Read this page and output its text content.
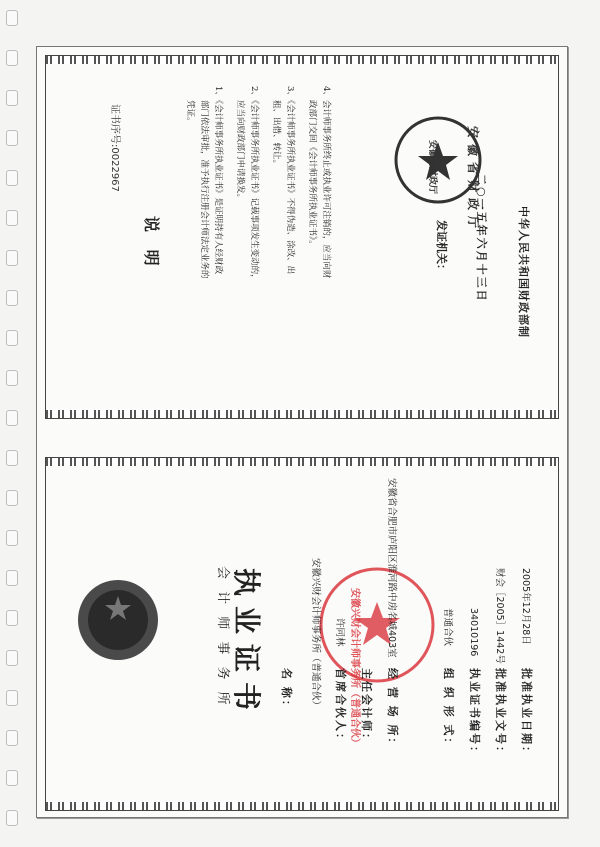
证书序号:0022967
说 明	1、《会计师事务所执业证书》是证明持有人经财政
部门依法审批，准予执行注册会计师法定业务的
凭证。	2、《会计师事务所执业证书》记载事项发生变动的，
应当向财政部门申请换发。	3、《会计师事务所执业证书》不得伪造、涂改、出
租、出借、转让。	4、会计师事务所终止或执业许可注销的，应当向财
政部门交回《会计师事务所执业证书》。	安徽省财政厅
安徽省财政厅
发证机关： 二○一五年六月十三日	中华人民共和国财政部制
会 计 师 事 务 所 执业证书	安徽兴财会计师事务所（普通合伙）
名 称：	安徽兴财会计师事务所（普通合伙）	首席合伙人：
许同林
主任会计师：	经 营 场 所：
安徽省合肥市庐阳区淮河路中房名城403室
组 织 形 式：
普通合伙
执业证书编号：
34010196
批准执业文号：
财会［2005］1442号
批准执业日期：
2005年12月28日
